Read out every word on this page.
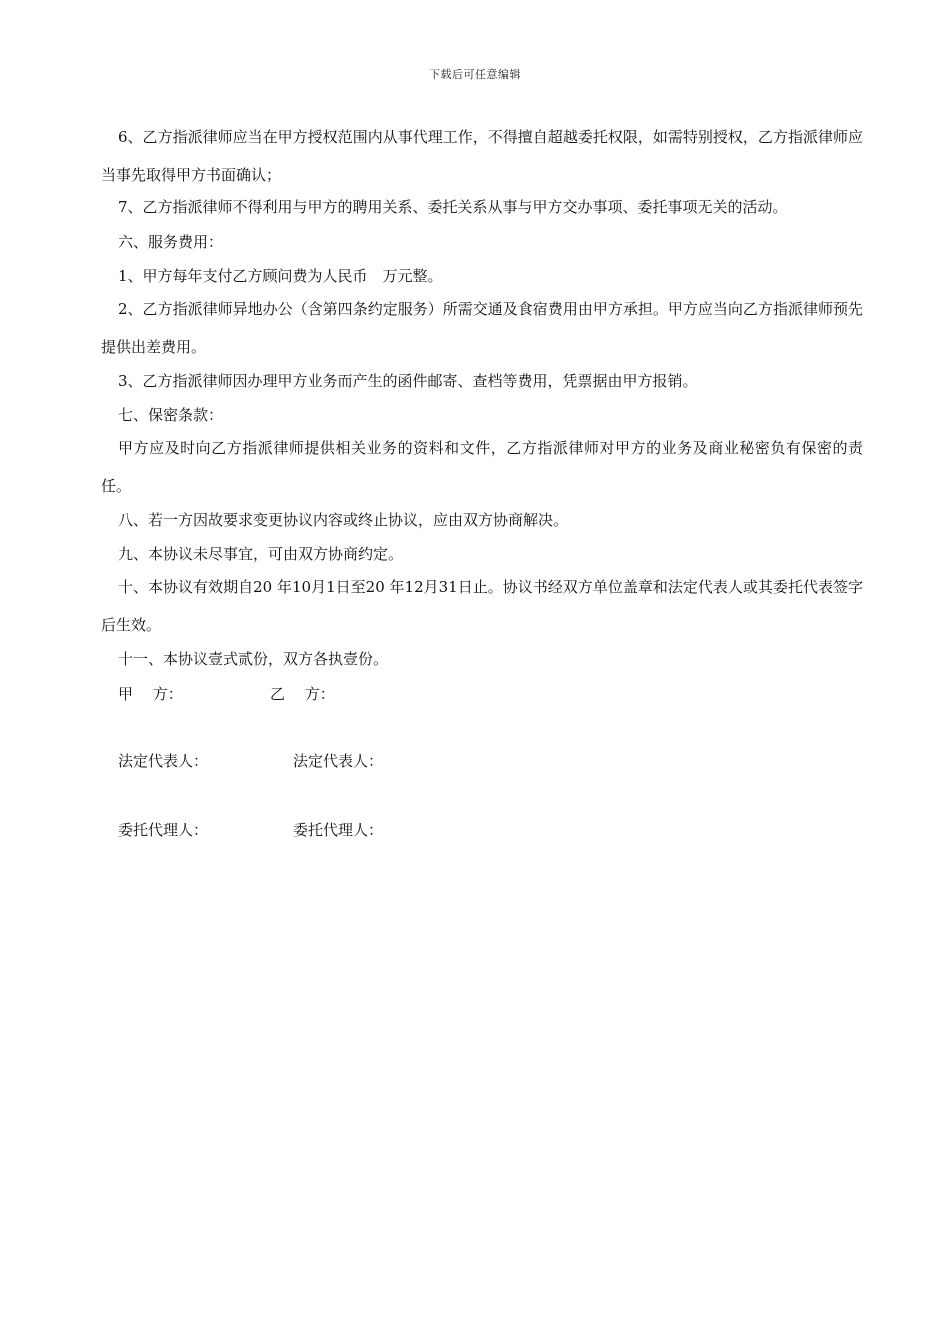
下载后可任意编辑
6、乙方指派律师应当在甲方授权范围内从事代理工作，不得擅自超越委托权限，如需特别授权，乙方指派律师应当事先取得甲方书面确认；
7、乙方指派律师不得利用与甲方的聘用关系、委托关系从事与甲方交办事项、委托事项无关的活动。
六、服务费用：
1、甲方每年支付乙方顾问费为人民币　万元整。
2、乙方指派律师异地办公（含第四条约定服务）所需交通及食宿费用由甲方承担。甲方应当向乙方指派律师预先提供出差费用。
3、乙方指派律师因办理甲方业务而产生的函件邮寄、查档等费用，凭票据由甲方报销。
七、保密条款：
甲方应及时向乙方指派律师提供相关业务的资料和文件，乙方指派律师对甲方的业务及商业秘密负有保密的责任。
八、若一方因故要求变更协议内容或终止协议，应由双方协商解决。
九、本协议未尽事宜，可由双方协商约定。
十、本协议有效期自20 年10月1日至20 年12月31日止。协议书经双方单位盖章和法定代表人或其委托代表签字后生效。
十一、本协议壹式贰份，双方各执壹份。
甲　 方：	乙　 方：
法定代表人：	法定代表人：
委托代理人：	委托代理人：
